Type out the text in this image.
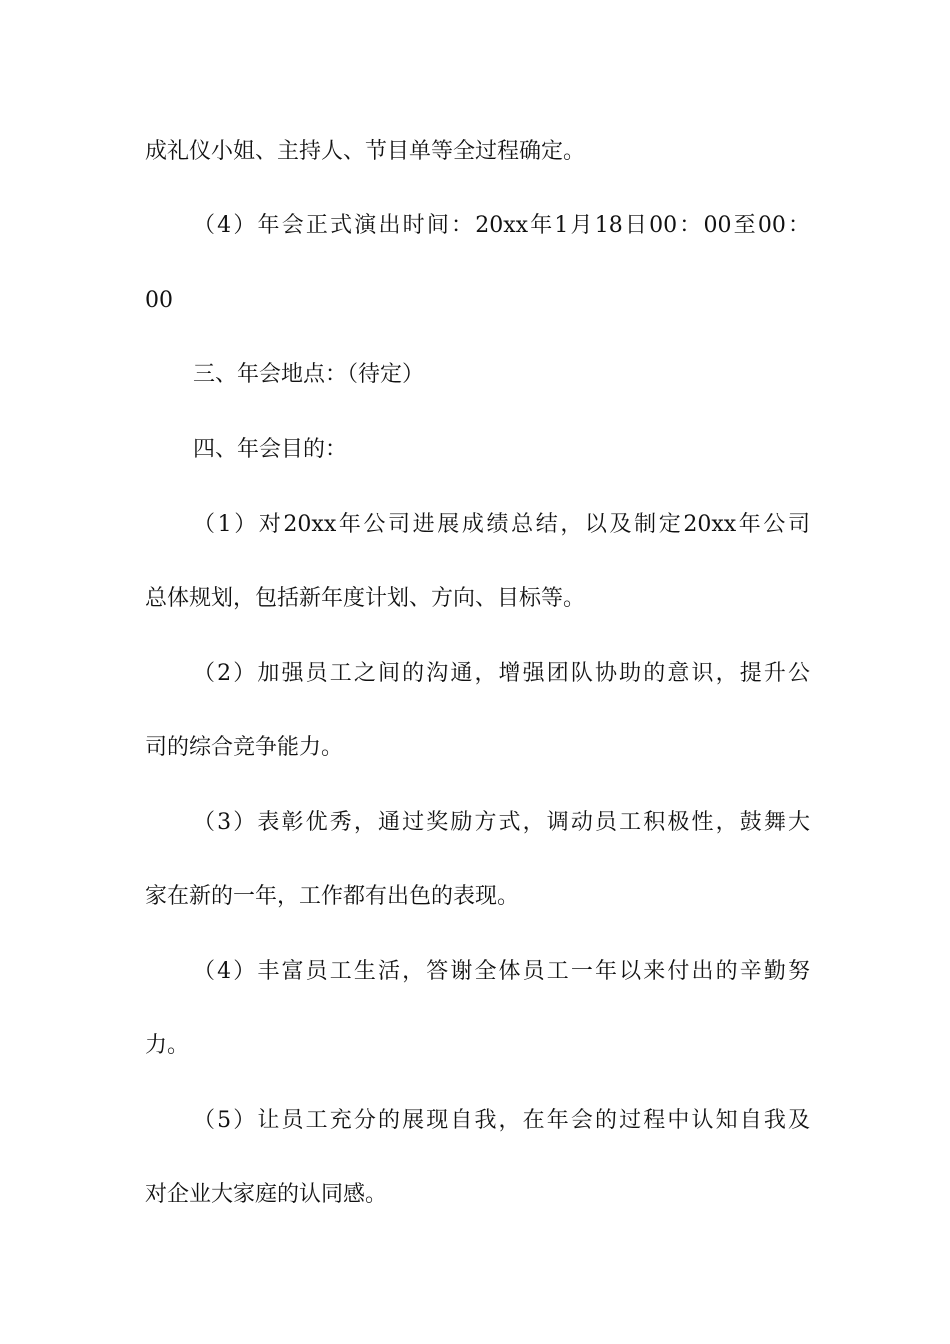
成礼仪小姐、主持人、节目单等全过程确定。
（4）年会正式演出时间：20xx年1月18日00：00至00：
00
三、年会地点：（待定）
四、年会目的：
（1）对20xx年公司进展成绩总结，以及制定20xx年公司
总体规划，包括新年度计划、方向、目标等。
（2）加强员工之间的沟通，增强团队协助的意识，提升公
司的综合竞争能力。
（3）表彰优秀，通过奖励方式，调动员工积极性，鼓舞大
家在新的一年，工作都有出色的表现。
（4）丰富员工生活，答谢全体员工一年以来付出的辛勤努
力。
（5）让员工充分的展现自我，在年会的过程中认知自我及
对企业大家庭的认同感。
